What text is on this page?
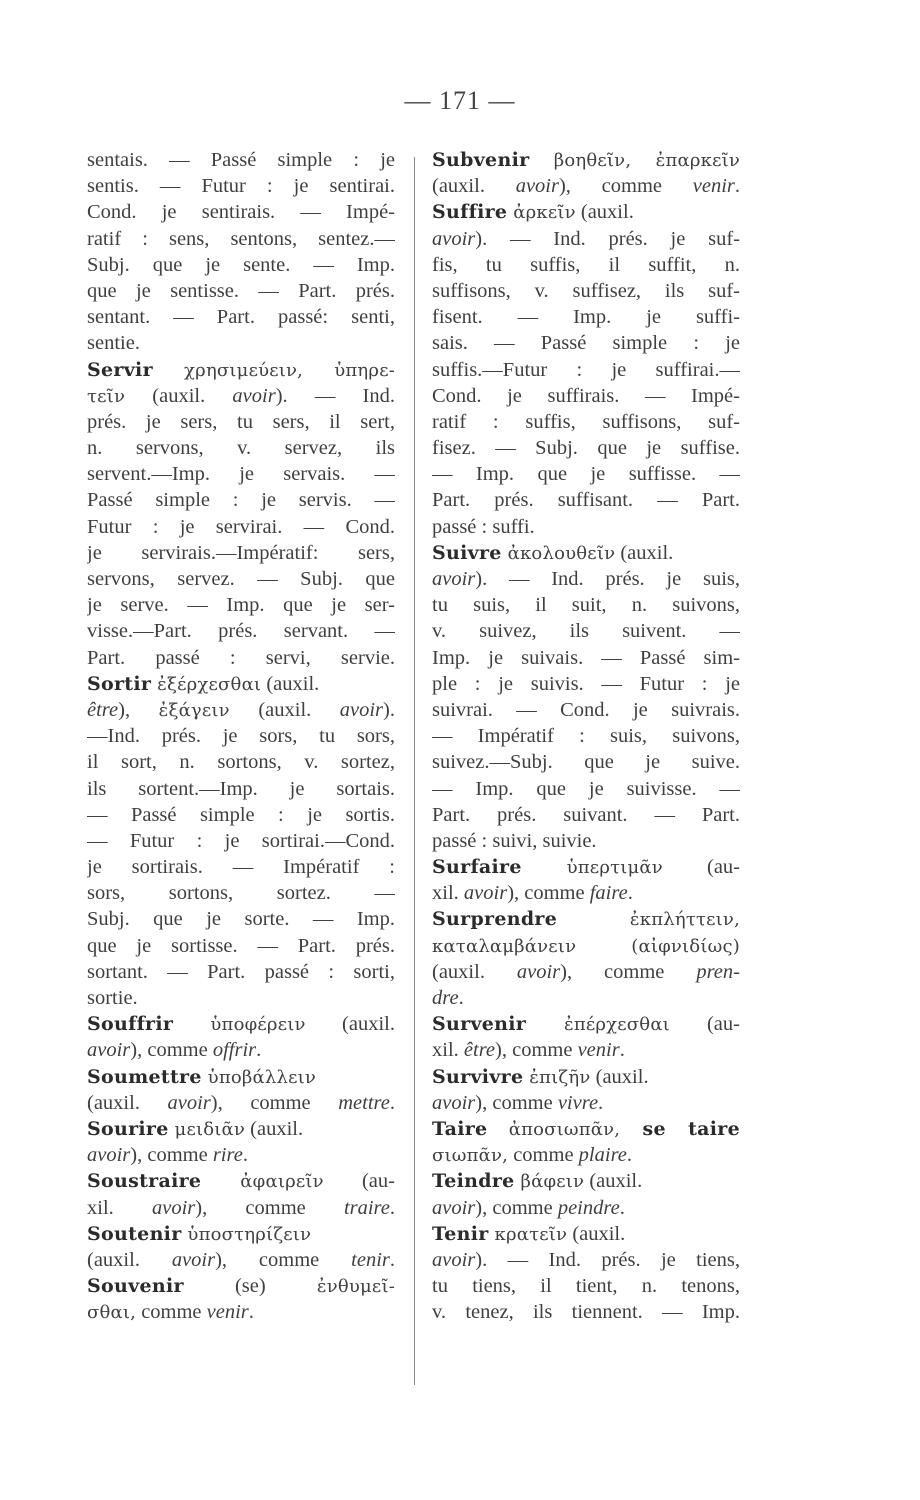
— 171 —
sentais. — Passé simple : je
sentis. — Futur : je sentirai.
Cond. je sentirais. — Impé-
ratif : sens, sentons, sentez.—
Subj. que je sente. — Imp.
que je sentisse. — Part. prés.
sentant. — Part. passé: senti,
sentie.
Servir χρησιμεύειν, ὑπηρε-
τεῖν (auxil. avoir). — Ind.
prés. je sers, tu sers, il sert,
n. servons, v. servez, ils
servent.—Imp. je servais. —
Passé simple : je servis. —
Futur : je servirai. — Cond.
je servirais.—Impératif: sers,
servons, servez. — Subj. que
je serve. — Imp. que je ser-
visse.—Part. prés. servant. —
Part. passé : servi, servie.
Sortir ἐξέρχεσθαι (auxil.
être), ἐξάγειν (auxil. avoir).
—Ind. prés. je sors, tu sors,
il sort, n. sortons, v. sortez,
ils sortent.—Imp. je sortais.
— Passé simple : je sortis.
— Futur : je sortirai.—Cond.
je sortirais. — Impératif :
sors, sortons, sortez. —
Subj. que je sorte. — Imp.
que je sortisse. — Part. prés.
sortant. — Part. passé : sorti,
sortie.
Souffrir ὑποφέρειν (auxil.
avoir), comme offrir.
Soumettre ὑποβάλλειν
(auxil. avoir), comme mettre.
Sourire μειδιᾶν (auxil.
avoir), comme rire.
Soustraire ἀφαιρεῖν (au-
xil. avoir), comme traire.
Soutenir ὑποστηρίζειν
(auxil. avoir), comme tenir.
Souvenir (se) ἐνθυμεῖ-
σθαι, comme venir.
Subvenir βοηθεῖν, ἐπαρκεῖν
(auxil. avoir), comme venir.
Suffire ἀρκεῖν (auxil.
avoir). — Ind. prés. je suf-
fis, tu suffis, il suffit, n.
suffisons, v. suffisez, ils suf-
fisent. — Imp. je suffi-
sais. — Passé simple : je
suffis.—Futur : je suffirai.—
Cond. je suffirais. — Impé-
ratif : suffis, suffisons, suf-
fisez. — Subj. que je suffise.
— Imp. que je suffisse. —
Part. prés. suffisant. — Part.
passé : suffi.
Suivre ἀκολουθεῖν (auxil.
avoir). — Ind. prés. je suis,
tu suis, il suit, n. suivons,
v. suivez, ils suivent. —
Imp. je suivais. — Passé sim-
ple : je suivis. — Futur : je
suivrai. — Cond. je suivrais.
— Impératif : suis, suivons,
suivez.—Subj. que je suive.
— Imp. que je suivisse. —
Part. prés. suivant. — Part.
passé : suivi, suivie.
Surfaire ὑπερτιμᾶν (au-
xil. avoir), comme faire.
Surprendre ἐκπλήττειν,
καταλαμβάνειν (αἰφνιδίως)
(auxil. avoir), comme pren-
dre.
Survenir ἐπέρχεσθαι (au-
xil. être), comme venir.
Survivre ἐπιζῆν (auxil.
avoir), comme vivre.
Taire ἀποσιωπᾶν, se taire
σιωπᾶν, comme plaire.
Teindre βάφειν (auxil.
avoir), comme peindre.
Tenir κρατεῖν (auxil.
avoir). — Ind. prés. je tiens,
tu tiens, il tient, n. tenons,
v. tenez, ils tiennent. — Imp.
